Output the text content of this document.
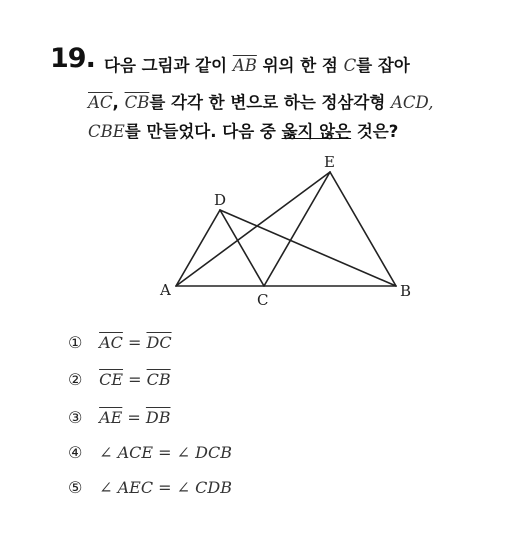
19. 다음 그림과 같이 $\overline{AB}$ 위의 한 점 C를 잡아
$\overline{AC}$, $\overline{CB}$를 각각 한 변으로 하는 정삼각형 ACD,
CBE를 만들었다. 다음 중 옳지 않은 것은?
A	B
C
D
E
① $\overline{AC} = \overline{DC}$
② $\overline{CE} = \overline{CB}$
③ $\overline{AE} = \overline{DB}$
④ ∠ ACE = ∠ DCB
⑤ ∠ AEC = ∠ CDB
